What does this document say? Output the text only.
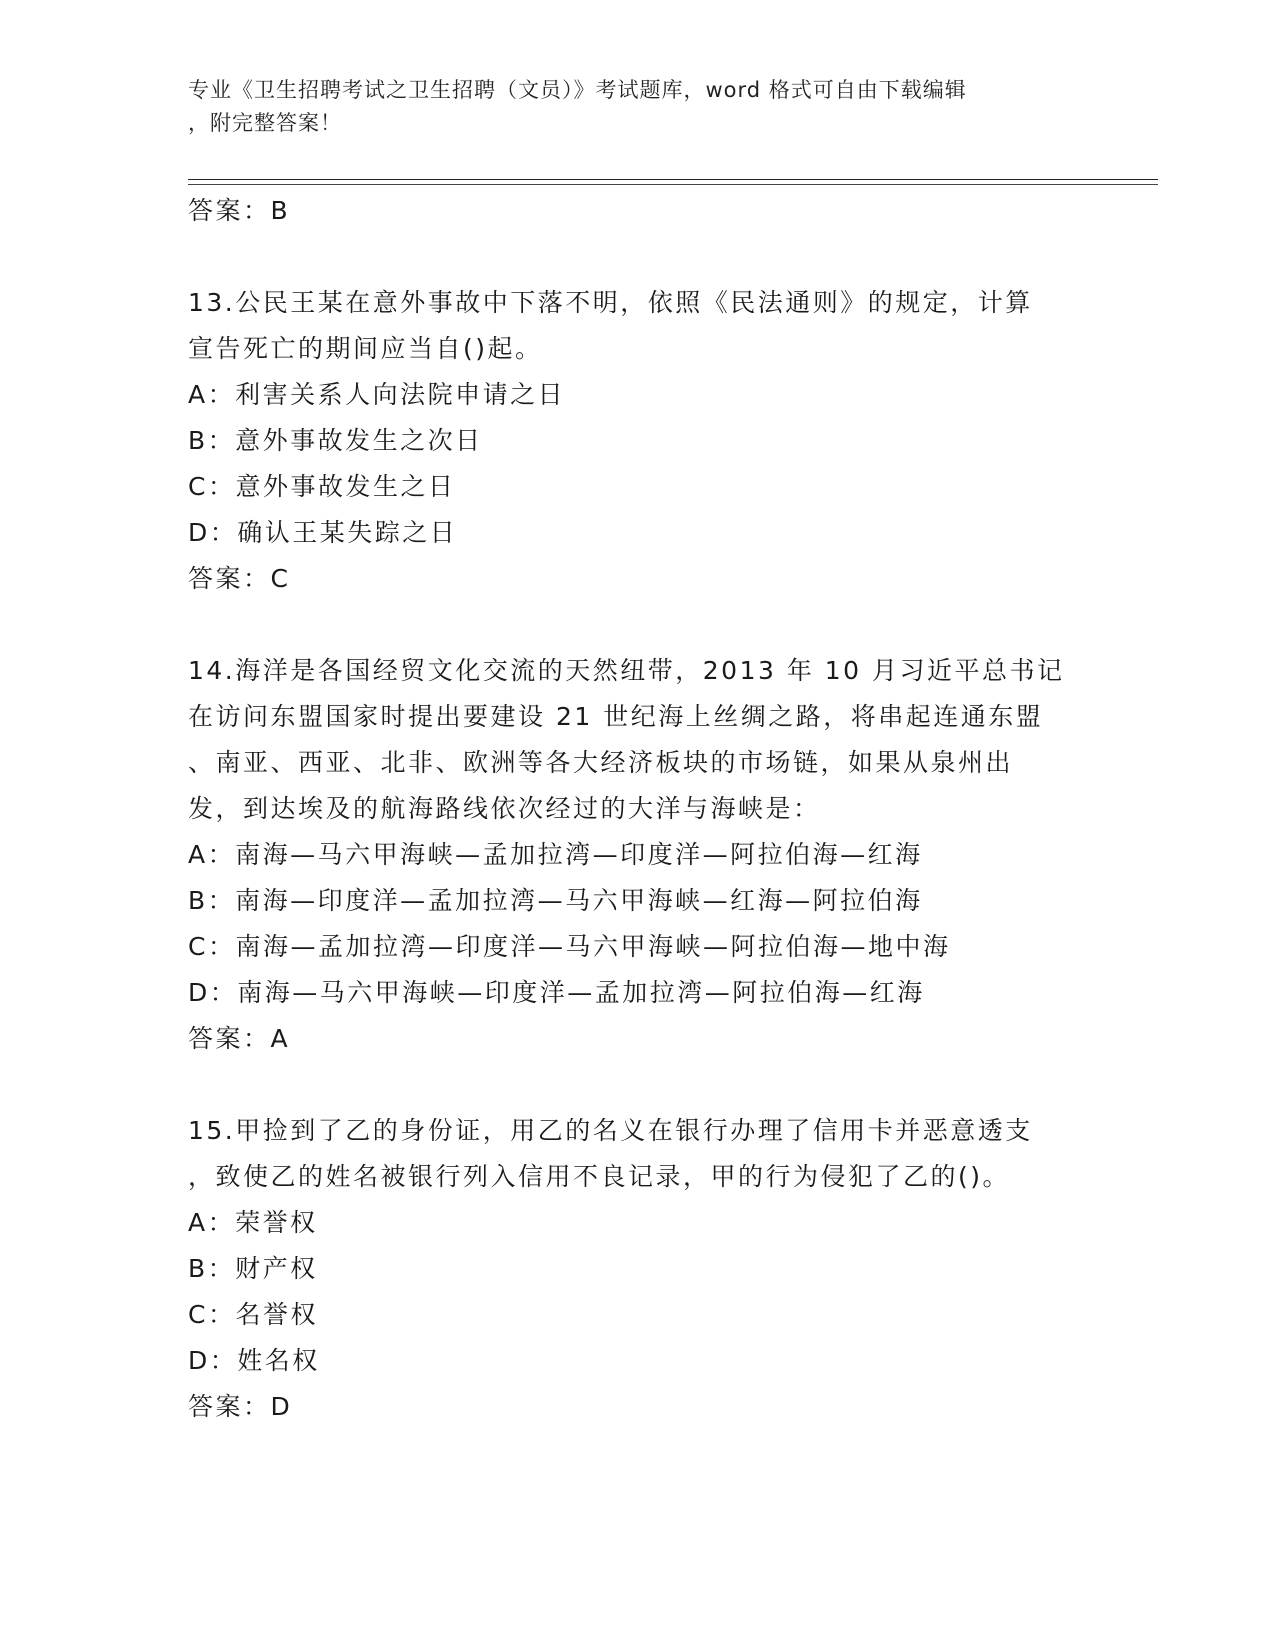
专业《卫生招聘考试之卫生招聘（文员）》考试题库，word 格式可自由下载编辑
，附完整答案！
答案：B
13.公民王某在意外事故中下落不明，依照《民法通则》的规定，计算
宣告死亡的期间应当自()起。
A：利害关系人向法院申请之日
B：意外事故发生之次日
C：意外事故发生之日
D：确认王某失踪之日
答案：C
14.海洋是各国经贸文化交流的天然纽带，2013 年 10 月习近平总书记
在访问东盟国家时提出要建设 21 世纪海上丝绸之路，将串起连通东盟
、南亚、西亚、北非、欧洲等各大经济板块的市场链，如果从泉州出
发，到达埃及的航海路线依次经过的大洋与海峡是：
A：南海—马六甲海峡—孟加拉湾—印度洋—阿拉伯海—红海
B：南海—印度洋—孟加拉湾—马六甲海峡—红海—阿拉伯海
C：南海—孟加拉湾—印度洋—马六甲海峡—阿拉伯海—地中海
D：南海—马六甲海峡—印度洋—孟加拉湾—阿拉伯海—红海
答案：A
15.甲捡到了乙的身份证，用乙的名义在银行办理了信用卡并恶意透支
，致使乙的姓名被银行列入信用不良记录，甲的行为侵犯了乙的()。
A：荣誉权
B：财产权
C：名誉权
D：姓名权
答案：D
